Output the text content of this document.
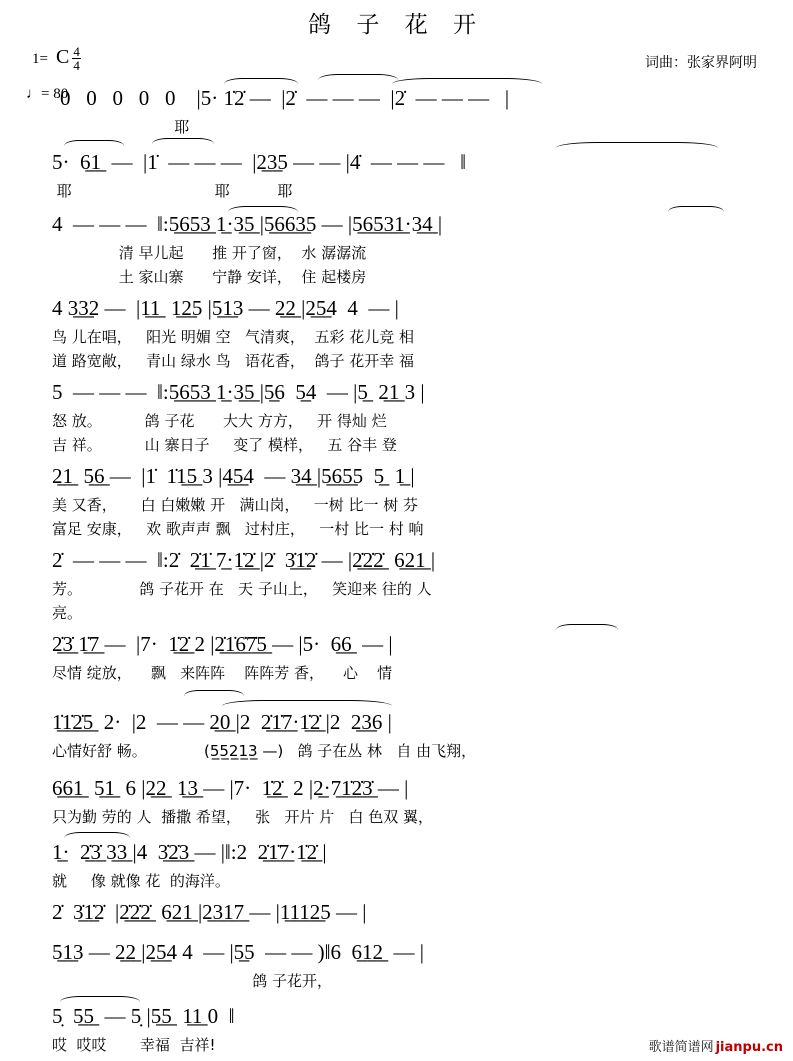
鸽 子 花 开
词曲：张家界阿明
1= C $\frac{4}{4}$
♩= 80
0   0   0   0   0    |5· 1̇2̇ —  |2̇  — — —  |2̇  — — —   |
耶
5·  6̲1̲  —  |1̇  — — —  |2̲3̲5 — — |4̇  — — —   ‖
耶                              耶          耶
4  — — —  ‖:5̲6̲5̲3̲ 1̲·3̲5̲ |5̲6̲6̲3̲5 — |5̲6̲5̲3̲1̲·3̲4̲ |
清 早儿起      推 开了窗，  水 潺潺流
土 家山寨      宁静 安详，  住 起楼房
4 3̲3̲2 —  |1̲1̲  1̲2̲5 |5̲1̲3 — 2̲2̲ |2̲5̲4  4  — |
鸟 儿在唱，   阳光 明媚 空   气清爽，  五彩 花儿竞 相
道 路宽敞，   青山 绿水 鸟   语花香，  鸽子 花开幸 福
5  — — —  ‖:5̲6̲5̲3̲ 1̲·3̲5̲ |5̲6  5̲4  — |5̲  2̲1̲ 3 |
怒 放。         鸽 子花      大大 方方，   开 得灿 烂
吉 祥。         山 寨日子     变了 模样，   五 谷丰 登
2̲1̲  5̲6̲ —  |1̇  1̇1̲5̲ 3 |4̲5̲4  — 3̲4̲ |5̲6̲5̲5  5̲  1̲ |
美 又香，     白 白嫩嫩 开   满山岗，   一树 比一 树 芬
富足 安康，   欢 歌声声 飘   过村庄，   一村 比一 村 响
2̇  — — —  ‖:2̇  2̲̇1̲̇ 7̲·1̲̇2̲̇ |2̇  3̲̇1̲̇2̇ — |2̲̇2̲̇2̲̇  6̲2̲1̲ |
芳。            鸽 子花开 在   天 子山上，   笑迎来 往的 人
亮。
2̲̇3̲̇ 1̲̇7̲ —  |7·  1̲̇2̲̇ 2 |2̲̇1̲̇6̲̇7̲̇5̲ — |5·  6̲6̲  — |
尽情 绽放，    飘   来阵阵    阵阵芳 香，    心    情
1̲̇1̲̇2̲̇5̲  2·  |2  — — 2̲0̲ |2  2̲̇1̲̇7̲·1̲̇2̲̇ |2  2̲3̲6 |
心情好舒 畅。            (5̲5̲2̲1̲3̲ —)   鸽 子在丛 林   自 由飞翔，
6̲6̲1̲  5̲1̲  6 |2̲2̲  1̲3̲ — |7·  1̲̇2̲̇  2 |2̲·7̲1̲̇2̲̇3̲̇ — |
只为勤 劳的 人  播撒 希望，   张   开片 片   白 色双 翼，
1̲·  2̲̇3̲̇ 3̲3̲ |4  3̲̇2̲̇3̲ — |‖:2  2̲̇1̲̇7̲·1̲̇2̲̇ |
就     像 就像 花  的海洋。
2̇  3̲̇1̲̇2̇  |2̲̇2̲̇2̲̇  6̲2̲1̲ |2̲3̲1̲7̲ — |1̲1̲1̲2̲5 — |
5̲1̲3 — 2̲2̲ |2̲5̲4 4  — |5̲5  — — )‖6  6̲1̲2̲  — |
鸽 子花开，
5̣  5̲5̲  — 5̣ |5̲5̲  1̲1̲ 0  ‖
哎  哎哎       幸福  吉祥!	歌谱简谱网 jianpu.cn
